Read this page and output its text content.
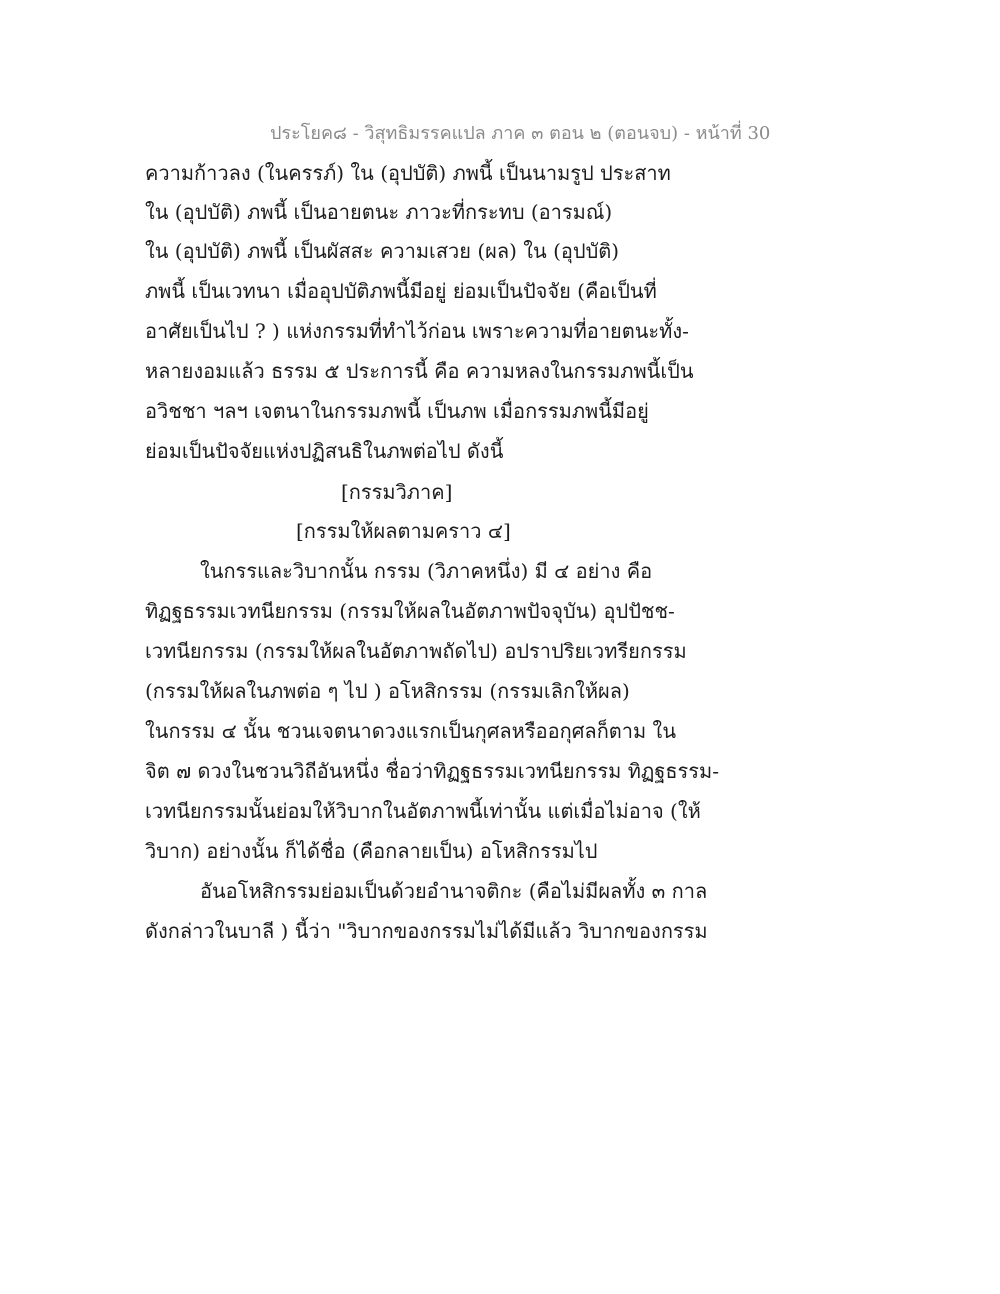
ประโยค๘ - วิสุทธิมรรคแปล ภาค ๓ ตอน ๒ (ตอนจบ) - หน้าที่ 30
ความก้าวลง (ในครรภ์) ใน (อุปบัติ) ภพนี้ เป็นนามรูป ประสาท
ใน (อุปบัติ) ภพนี้ เป็นอายตนะ ภาวะที่กระทบ (อารมณ์)
ใน (อุปบัติ) ภพนี้ เป็นผัสสะ ความเสวย (ผล) ใน (อุปบัติ)
ภพนี้ เป็นเวทนา เมื่ออุปบัติภพนี้มีอยู่ ย่อมเป็นปัจจัย (คือเป็นที่
อาศัยเป็นไป ? ) แห่งกรรมที่ทำไว้ก่อน เพราะความที่อายตนะทั้ง-
หลายงอมแล้ว ธรรม ๕ ประการนี้ คือ ความหลงในกรรมภพนี้เป็น
อวิชชา ฯลฯ เจตนาในกรรมภพนี้ เป็นภพ เมื่อกรรมภพนี้มีอยู่
ย่อมเป็นปัจจัยแห่งปฏิสนธิในภพต่อไป ดังนี้
[กรรมวิภาค]
[กรรมให้ผลตามคราว ๔]
ในกรรและวิบากนั้น กรรม (วิภาคหนึ่ง) มี ๔ อย่าง คือ
ทิฏฐธรรมเวทนียกรรม (กรรมให้ผลในอัตภาพปัจจุบัน) อุปปัชช-
เวทนียกรรม (กรรมให้ผลในอัตภาพถัดไป) อปราปริยเวทรียกรรม
(กรรมให้ผลในภพต่อ ๆ ไป ) อโหสิกรรม (กรรมเลิกให้ผล)
ในกรรม ๔ นั้น ชวนเจตนาดวงแรกเป็นกุศลหรืออกุศลก็ตาม ใน
จิต ๗ ดวงในชวนวิถีอันหนึ่ง ชื่อว่าทิฏฐธรรมเวทนียกรรม ทิฏฐธรรม-
เวทนียกรรมนั้นย่อมให้วิบากในอัตภาพนี้เท่านั้น แต่เมื่อไม่อาจ (ให้
วิบาก) อย่างนั้น ก็ได้ชื่อ (คือกลายเป็น) อโหสิกรรมไป
อันอโหสิกรรมย่อมเป็นด้วยอำนาจติกะ (คือไม่มีผลทั้ง ๓ กาล
ดังกล่าวในบาลี ) นี้ว่า "วิบากของกรรมไม่ได้มีแล้ว วิบากของกรรม
